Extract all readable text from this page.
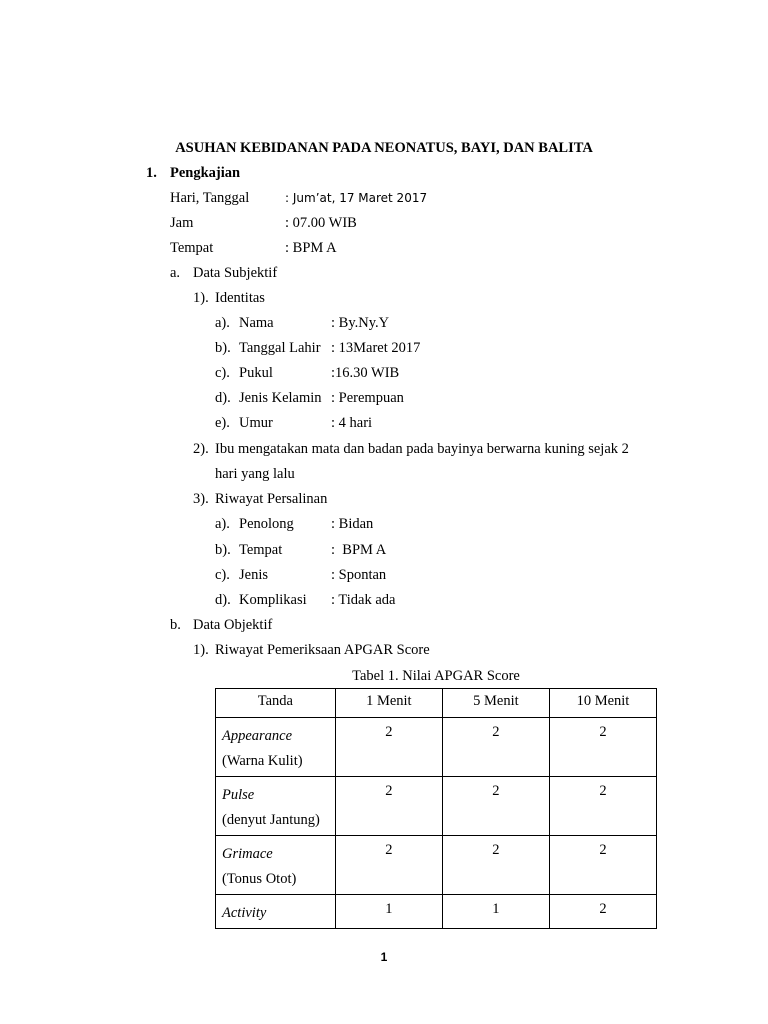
ASUHAN KEBIDANAN PADA NEONATUS, BAYI, DAN BALITA
1. Pengkajian
Hari, Tanggal	: Jum’at, 17 Maret 2017
Jam	: 07.00 WIB
Tempat	: BPM A
a. Data Subjektif
1). Identitas
a). Nama	: By.Ny.Y
b). Tanggal Lahir : 13Maret 2017
c). Pukul	:16.30 WIB
d). Jenis Kelamin : Perempuan
e). Umur	: 4 hari
2). Ibu mengatakan mata dan badan pada bayinya berwarna kuning sejak 2
hari yang lalu
3). Riwayat Persalinan
a). Penolong	: Bidan
b). Tempat	:  BPM A
c). Jenis	: Spontan
d). Komplikasi : Tidak ada
b. Data Objektif
1). Riwayat Pemeriksaan APGAR Score
Tabel 1. Nilai APGAR Score
Tanda	1 Menit	5 Menit	10 Menit

Appearance
(Warna Kulit)	2	2	2

Pulse
(denyut Jantung)	2	2	2

Grimace
(Tonus Otot)	2	2	2

Activity	1	1	2
1
